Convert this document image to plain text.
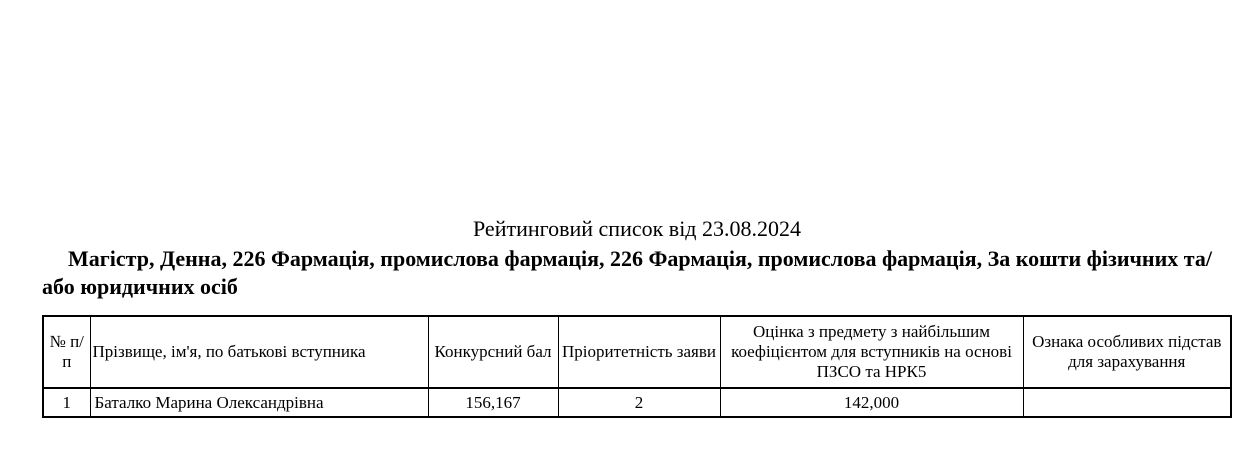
Рейтинговий список від 23.08.2024
Магістр, Денна, 226 Фармація, промислова фармація, 226 Фармація, промислова фармація, За кошти фізичних та/або юридичних осіб
№ п/п	Прізвище, ім'я, по батькові вступника	Конкурсний бал	Пріоритетність заяви	Оцінка з предмету з найбільшим коефіцієнтом для вступників на основі ПЗСО та НРК5	Ознака особливих підстав для зарахування
1	Баталко Марина Олександрівна	156,167	2	142,000	
